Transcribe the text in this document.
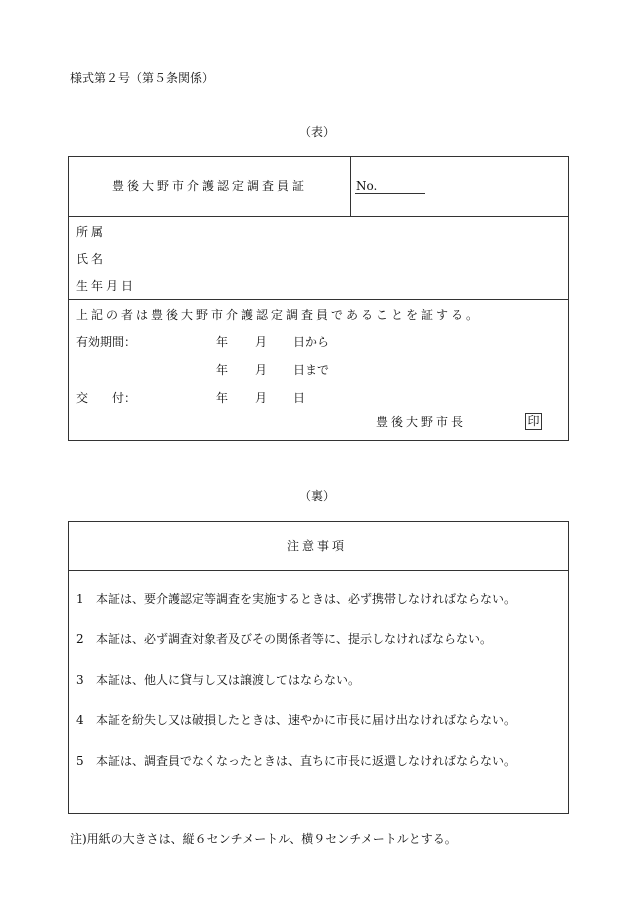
様式第２号（第５条関係）
（表）
豊後大野市介護認定調査員証	No.
所属
氏名
生年月日
上記の者は豊後大野市介護認定調査員であることを証する。
有効期間：	年 月 日から
年 月 日まで
交　　付：	年 月 日
豊後大野市長	印
（裏）
注意事項
1 本証は、要介護認定等調査を実施するときは、必ず携帯しなければならない。
2 本証は、必ず調査対象者及びその関係者等に、提示しなければならない。
3 本証は、他人に貸与し又は譲渡してはならない。
4 本証を紛失し又は破損したときは、速やかに市長に届け出なければならない。
5 本証は、調査員でなくなったときは、直ちに市長に返還しなければならない。
注)用紙の大きさは、縦６センチメートル、横９センチメートルとする。
